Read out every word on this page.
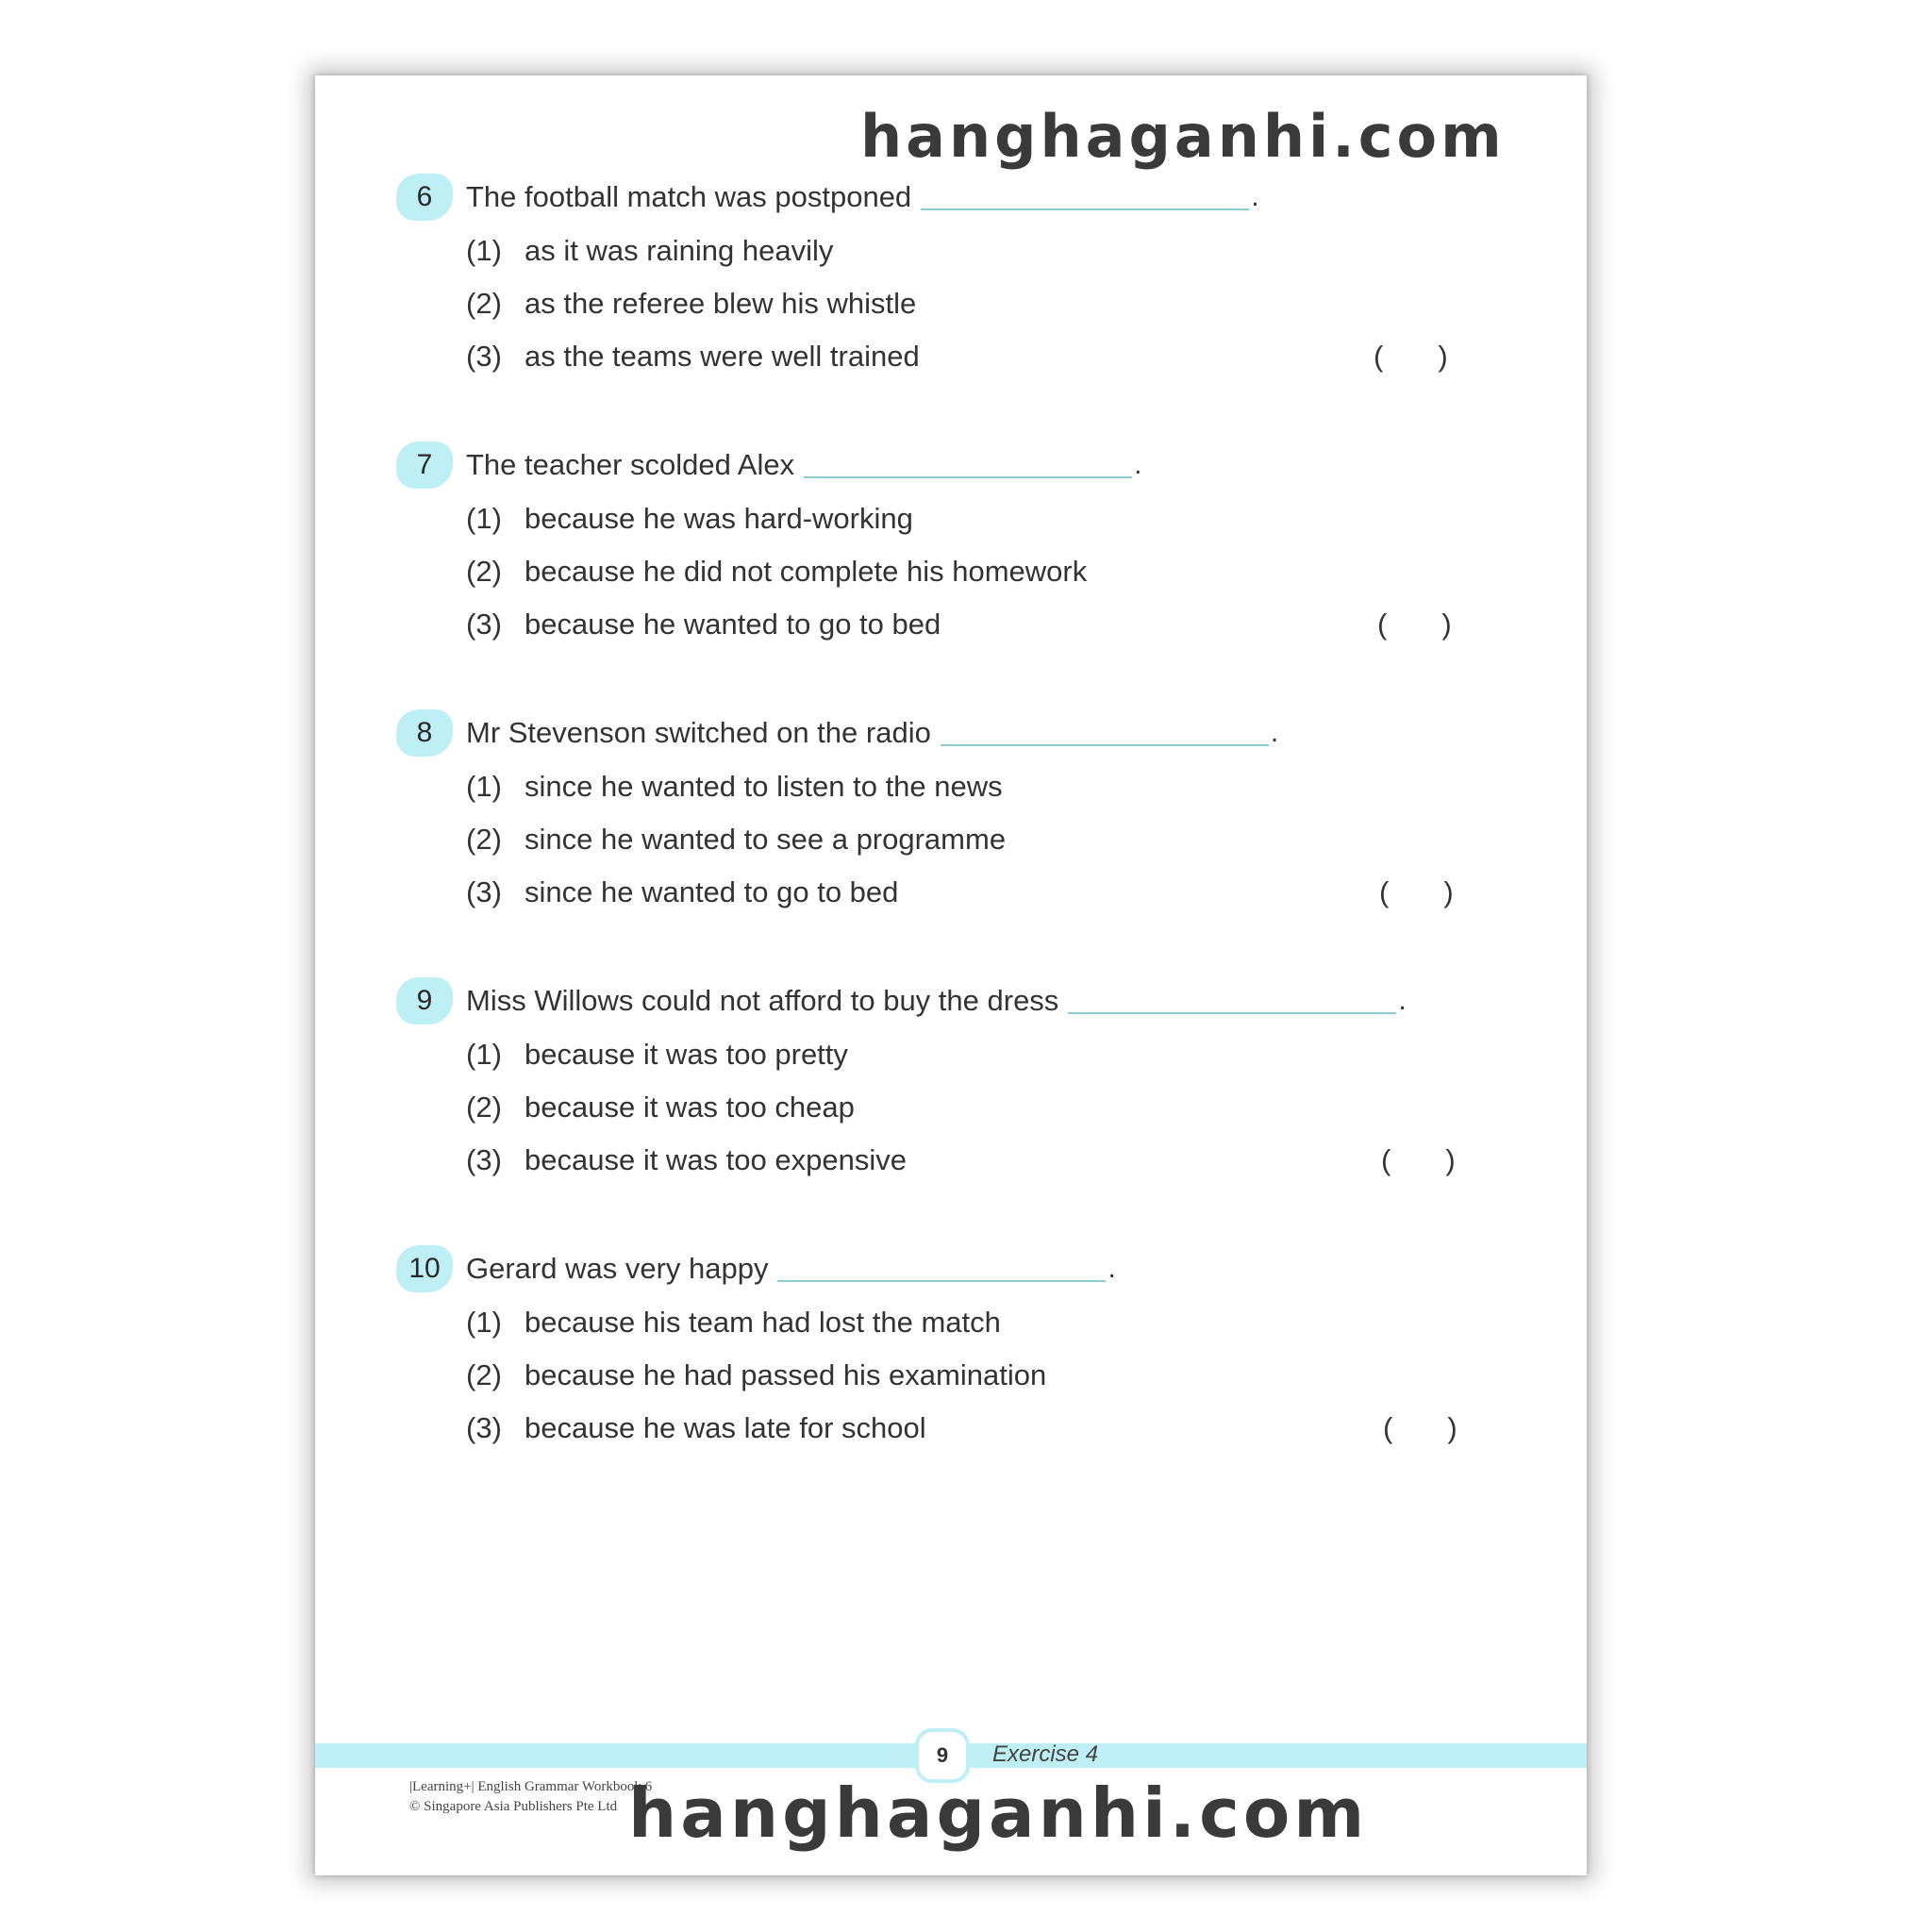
hanghaganhi.com
6	The football match was postponed	.
(1) as it was raining heavily
(2) as the referee blew his whistle
(3) as the teams were well trained	( )
7	The teacher scolded Alex	.
(1) because he was hard-working
(2) because he did not complete his homework
(3) because he wanted to go to bed	( )
8	Mr Stevenson switched on the radio	.
(1) since he wanted to listen to the news
(2) since he wanted to see a programme
(3) since he wanted to go to bed	( )
9	Miss Willows could not afford to buy the dress	.
(1) because it was too pretty
(2) because it was too cheap
(3) because it was too expensive	( )
10 Gerard was very happy	.
(1) because his team had lost the match
(2) because he had passed his examination
(3) because he was late for school	( )
9	Exercise 4
|Learning+| English Grammar Workbook 6
© Singapore Asia Publishers Pte Ltd hanghaganhi.com
